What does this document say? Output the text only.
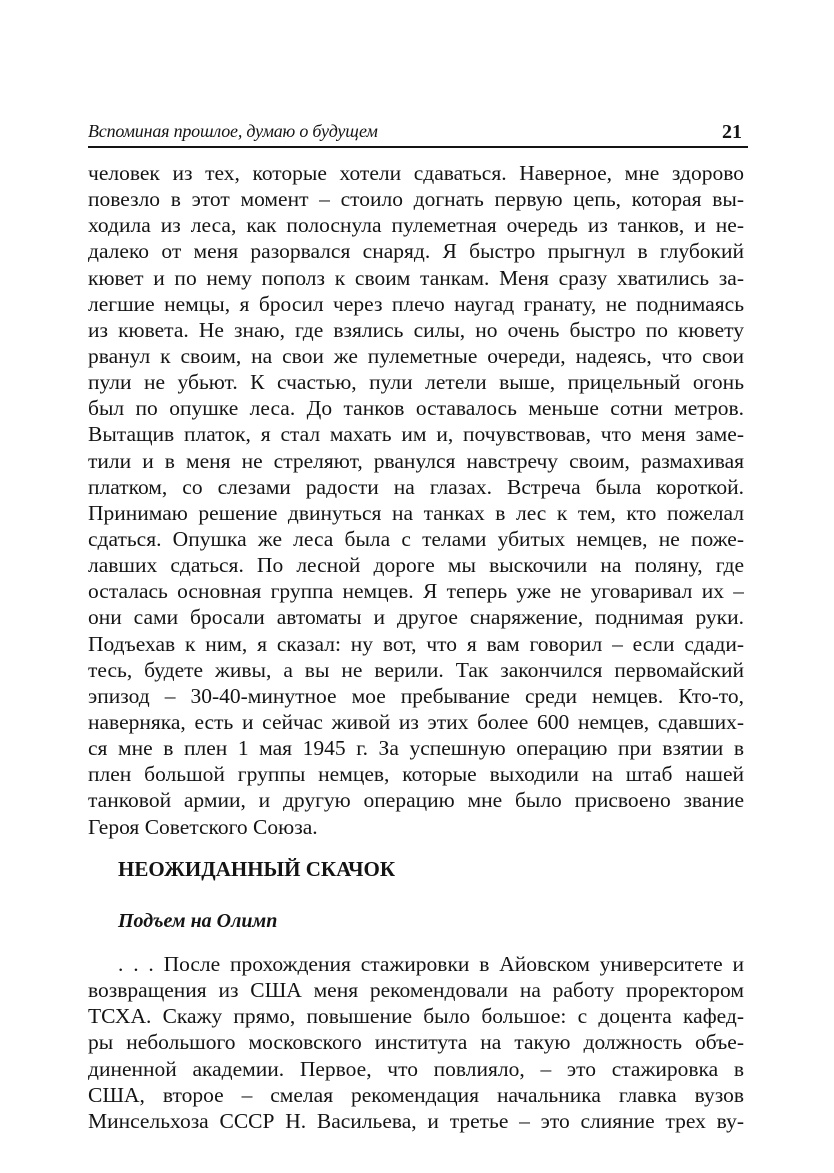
Вспоминая прошлое, думаю о будущем	21
человек из тех, которые хотели сдаваться. Наверное, мне здорово
повезло в этот момент – стоило догнать первую цепь, которая вы-
ходила из леса, как полоснула пулеметная очередь из танков, и не-
далеко от меня разорвался снаряд. Я быстро прыгнул в глубокий
кювет и по нему пополз к своим танкам. Меня сразу хватились за-
легшие немцы, я бросил через плечо наугад гранату, не поднимаясь
из кювета. Не знаю, где взялись силы, но очень быстро по кювету
рванул к своим, на свои же пулеметные очереди, надеясь, что свои
пули не убьют. К счастью, пули летели выше, прицельный огонь
был по опушке леса. До танков оставалось меньше сотни метров.
Вытащив платок, я стал махать им и, почувствовав, что меня заме-
тили и в меня не стреляют, рванулся навстречу своим, размахивая
платком, со слезами радости на глазах. Встреча была короткой.
Принимаю решение двинуться на танках в лес к тем, кто пожелал
сдаться. Опушка же леса была с телами убитых немцев, не поже-
лавших сдаться. По лесной дороге мы выскочили на поляну, где
осталась основная группа немцев. Я теперь уже не уговаривал их –
они сами бросали автоматы и другое снаряжение, поднимая руки.
Подъехав к ним, я сказал: ну вот, что я вам говорил – если сдади-
тесь, будете живы, а вы не верили. Так закончился первомайский
эпизод – 30-40-минутное мое пребывание среди немцев. Кто-то,
наверняка, есть и сейчас живой из этих более 600 немцев, сдавших-
ся мне в плен 1 мая 1945 г. За успешную операцию при взятии в
плен большой группы немцев, которые выходили на штаб нашей
танковой армии, и другую операцию мне было присвоено звание
Героя Советского Союза.
НЕОЖИДАННЫЙ СКАЧОК
Подъем на Олимп
. . . После прохождения стажировки в Айовском университете и
возвращения из США меня рекомендовали на работу проректором
ТСХА. Скажу прямо, повышение было большое: с доцента кафед-
ры небольшого московского института на такую должность объе-
диненной академии. Первое, что повлияло, – это стажировка в
США, второе – смелая рекомендация начальника главка вузов
Минсельхоза СССР Н. Васильева, и третье – это слияние трех ву-
